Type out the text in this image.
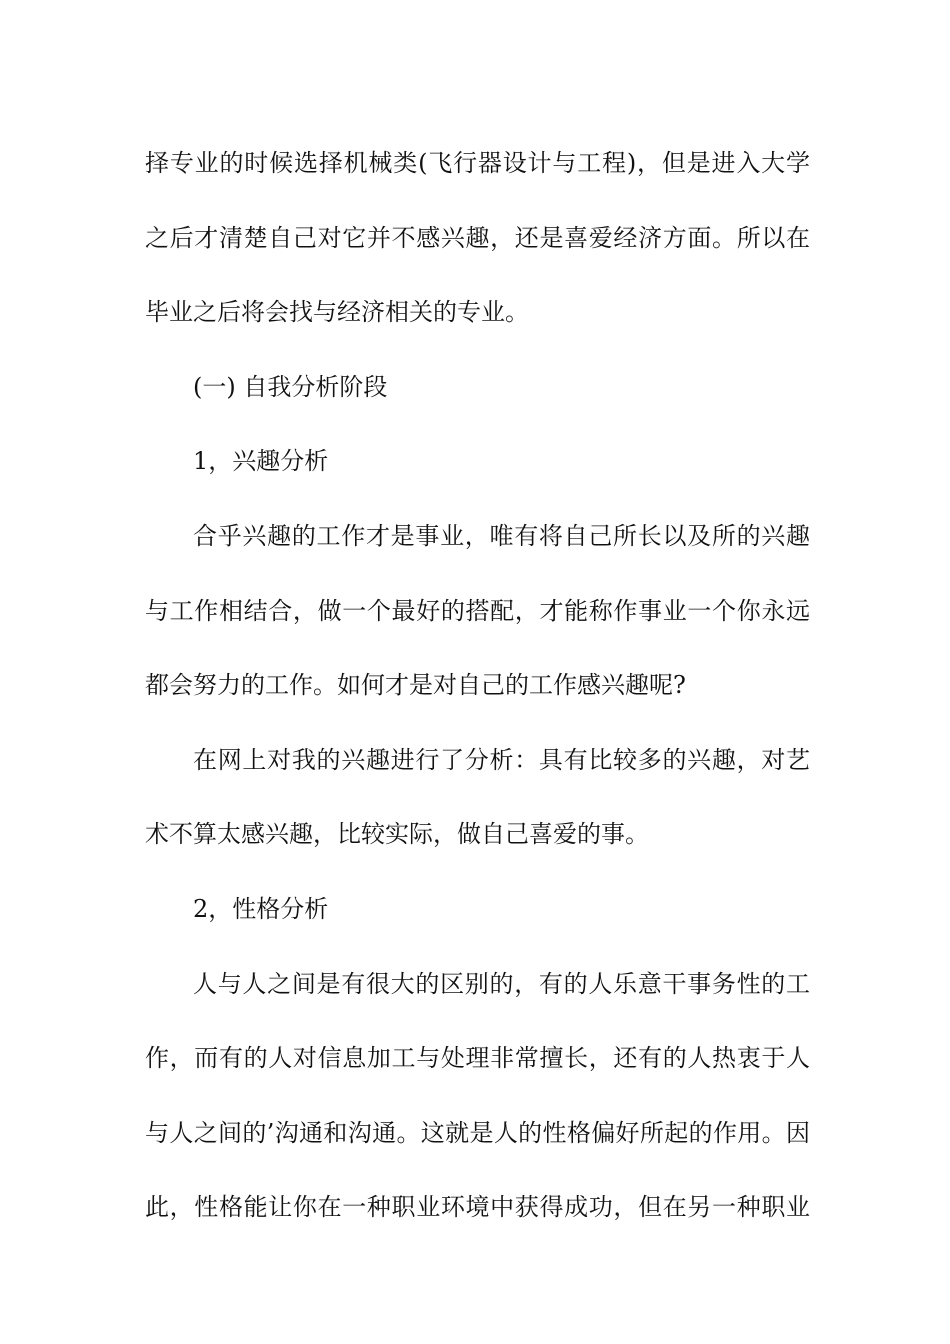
择专业的时候选择机械类(飞行器设计与工程)，但是进入大学
之后才清楚自己对它并不感兴趣，还是喜爱经济方面。所以在
毕业之后将会找与经济相关的专业。
(一) 自我分析阶段
1，兴趣分析
合乎兴趣的工作才是事业，唯有将自己所长以及所的兴趣
与工作相结合，做一个最好的搭配，才能称作事业一个你永远
都会努力的工作。如何才是对自己的工作感兴趣呢?
在网上对我的兴趣进行了分析：具有比较多的兴趣，对艺
术不算太感兴趣，比较实际，做自己喜爱的事。
2，性格分析
人与人之间是有很大的区别的，有的人乐意干事务性的工
作，而有的人对信息加工与处理非常擅长，还有的人热衷于人
与人之间的’沟通和沟通。这就是人的性格偏好所起的作用。因
此，性格能让你在一种职业环境中获得成功，但在另一种职业
